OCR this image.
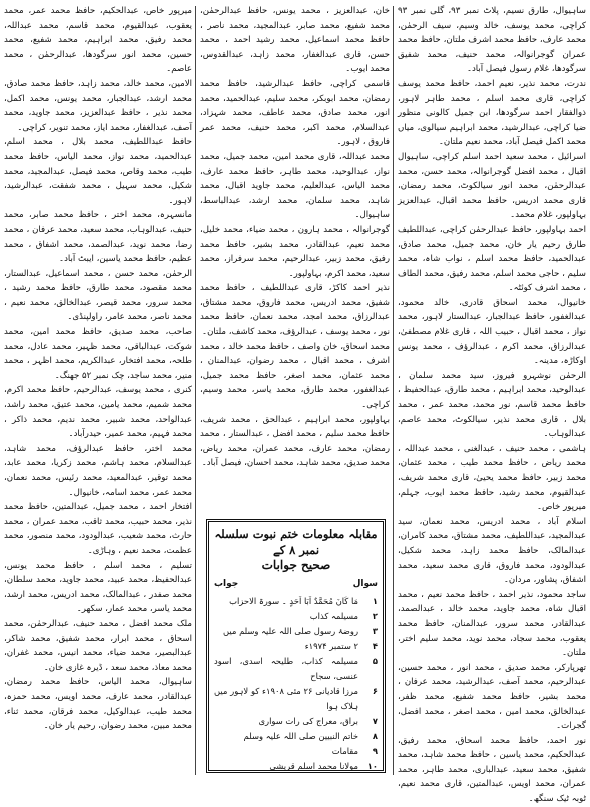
ساہیوال، طارق نسیم، پلاٹ نمبر ۹۳، گلی نمبر ۹۳ کراچی، محمد یوسف، خالد وسیم، سیف الرحمٰن، محمد عارف، حافظ محمد اشرف ملتان، حافظ محمد عمران گوجرانوالہ، محمد حنیف، محمد شفیق سرگودھا، غلام رسول فیصل آباد۔

ندرت، محمد نذیر، نعیم احمد، حافظ محمد یوسف کراچی، قاری محمد اسلم ، محمد طاہر لاہور، ذوالفقار احمد سرگودھا، ابن جمیل کالونی منظور ضیا کراچی، عبدالرشید، محمد ابراہیم سیالوی، میاں محمد اکمل فیصل آباد، محمد نعیم ملتان۔

اسرائیل ، محمد سعید احمد اسلم کراچی، ساہیوال اقبال ، محمد افضل گوجرانوالہ، محمد حسن، محمد عبدالرحمٰن، محمد انور سیالکوٹ، محمد رمضان، قاری محمد ادریس، حافظ محمد اقبال، عبدالعزیز بہاولپور، غلام محمد۔

احمد بہاولپور، حافظ عبدالرحمٰن کراچی، عبداللطیف طارق رحیم یار خان، محمد جمیل، محمد صادق، عبدالحمید، حافظ محمد اسلم ، نواب شاہ، محمد سلیم ، حاجی محمد اسلم، محمد رفیق، محمد الطاف ، محمد اشرف کوئٹہ۔

خانیوال، محمد اسحاق قادری، خالد محمود، عبدالغفور، حافظ عبدالجبار، عبدالستار لاہور، محمد نواز ، محمد اقبال ، حبیب اللہ ، قاری غلام مصطفیٰ، عبدالرزاق، محمد اکرم ، عبدالرؤف ، محمد یونس اوکاڑہ، مدینہ۔

الرحمٰن نوشہرو فیروز، سید محمد سلمان ، عبدالوحید، محمد ابراہیم ، محمد طارق، عبدالحفیظ ، حافظ محمد قاسم، نور محمد، محمد عمر ، محمد بلال ، قاری محمد نذیر، سیالکوٹ، محمد عاصم، عبدالوہاب۔

ہاشمی ، محمد حنیف ، عبدالغنی ، محمد عبداللہ ، محمد ریاض ، حافظ محمد طیب ، محمد عثمان، محمد زبیر، حافظ محمد یحییٰ، قاری محمد شریف، عبدالقیوم، محمد رشید، حافظ محمد ایوب، جہلم، میرپور خاص۔

اسلام آباد ، محمد ادریس، محمد نعمان، سید عبدالمجید، عبداللطیف، محمد مشتاق، محمد کامران، عبدالمالک، حافظ محمد زاہد، محمد شکیل، عبدالودود، محمد فاروق، قاری محمد سعید، محمد اشفاق، پشاور، مردان۔

ساجد محمود، نذیر احمد ، حافظ محمد نعیم ، محمد اقبال شاہ، محمد جاوید، محمد خالد ، عبدالصمد، عبدالقادر، محمد سرور، عبدالمنان، حافظ محمد یعقوب، محمد سجاد، محمد نوید، محمد سلیم اختر، ملتان۔

تھرپارکر، محمد صدیق ، محمد انور ، محمد حسین، عبدالرحیم، محمد آصف، عبدالرشید، محمد عرفان ، محمد بشیر، حافظ محمد شفیع، محمد ظفر، عبدالخالق، محمد امین ، محمد اصغر ، محمد افضل، گجرات۔

نور احمد، حافظ محمد اسحاق، محمد رفیق، عبدالحکیم، محمد یاسین ، حافظ محمد شاہد، محمد شفیق، محمد سعید، عبدالباری، محمد طاہر، محمد عمران، محمد اویس، عبدالمتین، قاری محمد نعیم، ٹوبہ ٹیک سنگھ۔

خان، عبدالعزیز ، محمد یونس، حافظ عبدالرحمٰن، محمد شفیع، محمد صابر، عبدالمجید، محمد ناصر ، حافظ محمد اسماعیل، محمد رشید احمد ، محمد حسن، قاری عبدالغفار، محمد زاہد، عبدالقدوس، محمد ایوب۔

قاسمی کراچی، حافظ عبدالرشید، حافظ محمد رمضان، محمد ابوبکر، محمد سلیم، عبدالحمید، محمد انور، محمد صادق، محمد عاطف، محمد شہزاد، عبدالسلام، محمد اکبر، محمد حنیف، محمد عمر فاروق ، لاہور۔

محمد عبداللہ، قاری محمد امین، محمد جمیل، محمد نواز، عبدالوحید، محمد طاہر، حافظ محمد عارف، محمد الیاس، عبدالعلیم، محمد جاوید اقبال، محمد شاہد، محمد سلمان، محمد ارشد، عبدالباسط، ساہیوال۔

گوجرانوالہ ، محمد ہارون ، محمد ضیاء، محمد خلیل، محمد نعیم، عبدالقادر، محمد بشیر، حافظ محمد رفیق، محمد زبیر، عبدالرحیم، محمد سرفراز، محمد سعید، محمد اکرم، بہاولپور۔

نذیر احمد کاکڑ، قاری عبداللطیف ، حافظ محمد شفیق، محمد ادریس، محمد فاروق، محمد مشتاق، عبدالرزاق، محمد امجد، محمد نعمان، حافظ محمد نور ، محمد یوسف ، عبدالرؤف، محمد کاشف، ملتان۔

محمد اسحاق، خان واصف ، حافظ محمد خالد ، محمد اشرف ، محمد اقبال ، محمد رضوان، عبدالمنان ، محمد عثمان، محمد اصغر، حافظ محمد جمیل، عبدالغفور، محمد طارق، محمد یاسر، محمد وسیم، کراچی۔

بہاولپور، محمد ابراہیم ، عبدالحق ، محمد شریف، حافظ محمد سلیم ، محمد افضل ، عبدالستار ، محمد رمضان، محمد عارف، محمد عمران، محمد ریاض، محمد صدیق، محمد شاہد، محمد احسان، فیصل آباد۔

مقابلہ معلومات ختم نبوت سلسلہ نمبر ۸ کے

صحیح جوابات

سوال
جواب
۱
مَا کَانَ مُحَمَّدٌ اَبَا اَحَدٍ ۔ سورۃ الاحزاب
۲
مسیلمہ کذاب
۳
روضۂ رسول صلی اللہ علیہ وسلم میں
۴
۲ ستمبر ۱۹۷۴ء
۵
مسیلمہ کذاب، طلیحہ اسدی، اسود عنسی، سجاح
۶
مرزا قادیانی ۲۶ مئی ۱۹۰۸ء کو لاہور میں ہلاک ہوا
۷
براق، معراج کی رات سواری
۸
خاتم النبیین صلی اللہ علیہ وسلم
۹
مقامات
۱۰
مولانا محمد اسلم قریشی

میرپور خاص، عبدالحکیم، حافظ محمد عمر، محمد یعقوب، عبدالقیوم، محمد قاسم، محمد عبداللہ، محمد رفیق، محمد ابراہیم، محمد شفیع، محمد حسین، محمد انور سرگودھا، عبدالرحمٰن ، محمد عاصم۔

الامین، محمد خالد، محمد زاہد، حافظ محمد صادق، محمد ارشد، عبدالجبار، محمد یونس، محمد اکمل، محمد نذیر ، حافظ عبدالعزیز، محمد جاوید، محمد آصف، عبدالغفار، محمد ایاز، محمد تنویر، کراچی۔

حافظ عبداللطیف، محمد بلال ، محمد اسلم، عبدالحمید، محمد نواز، محمد الیاس، حافظ محمد طیب، محمد وقاص، محمد فیصل، عبدالمجید، محمد شکیل، محمد سہیل ، محمد شفقت، عبدالرشید، لاہور۔

مانسہرہ، محمد اختر ، حافظ محمد صابر، محمد حنیف، عبدالوہاب، محمد سعید، محمد عرفان ، محمد رضا، محمد نوید، عبدالصمد، محمد اشفاق ، محمد عظیم، حافظ محمد یاسین، ایبٹ آباد۔

الرحمٰن، محمد حسن ، محمد اسماعیل، عبدالستار، محمد مقصود، محمد طارق، حافظ محمد رشید ، محمد سرور، محمد قیصر، عبدالخالق، محمد نعیم ، محمد ناصر، محمد عامر، راولپنڈی۔

صاحب، محمد صدیق، حافظ محمد امین، محمد شوکت، عبدالباقی، محمد ظہیر، محمد عادل، محمد طلحہ، محمد افتخار، عبدالکریم، محمد اظہر ، محمد منیر، محمد ساجد، چک نمبر ۵۲ جھنگ۔

کنری ، محمد یوسف، عبدالرحیم، حافظ محمد اکرم، محمد شمیم، محمد یامین، محمد عتیق، محمد راشد، عبدالواحد، محمد شبیر، محمد ندیم، محمد ذاکر ، محمد فہیم، محمد عمیر، حیدرآباد۔

محمد اختر، حافظ عبدالرؤف، محمد شاہد، عبدالسلام، محمد ہاشم، محمد زکریا، محمد عابد، محمد توقیر، عبدالمعید، محمد رئیس، محمد نعمان، محمد عمر، محمد اسامہ، خانیوال۔

افتخار احمد ، محمد جمیل، عبدالمتین، حافظ محمد نذیر، محمد حبیب، محمد ثاقب، محمد عمران ، محمد حارث، محمد شعیب، عبدالودود، محمد منصور، محمد عظمت، محمد نعیم ، وہاڑی۔

تسلیم ، محمد اسلم ، حافظ محمد یونس، عبدالحفیظ، محمد عبید، محمد جاوید، محمد سلطان، محمد صفدر ، عبدالمالک، محمد ادریس، محمد ارشد، محمد یاسر، محمد عمار، سکھر۔

ملک محمد افضل ، محمد حنیف، عبدالرحمٰن، محمد اسحاق ، محمد ابرار، محمد شفیق، محمد شاکر، عبدالبصیر، محمد ضیاء، محمد انیس، محمد غفران، محمد معاذ، محمد سعد ، ڈیرہ غازی خان۔

ساہیوال، محمد الیاس، حافظ محمد رمضان، عبدالقادر، محمد عارف، محمد اویس، محمد حمزہ، محمد طیب، عبدالوکیل، محمد فرقان، محمد ثناء، محمد مبین، محمد رضوان، رحیم یار خان۔
